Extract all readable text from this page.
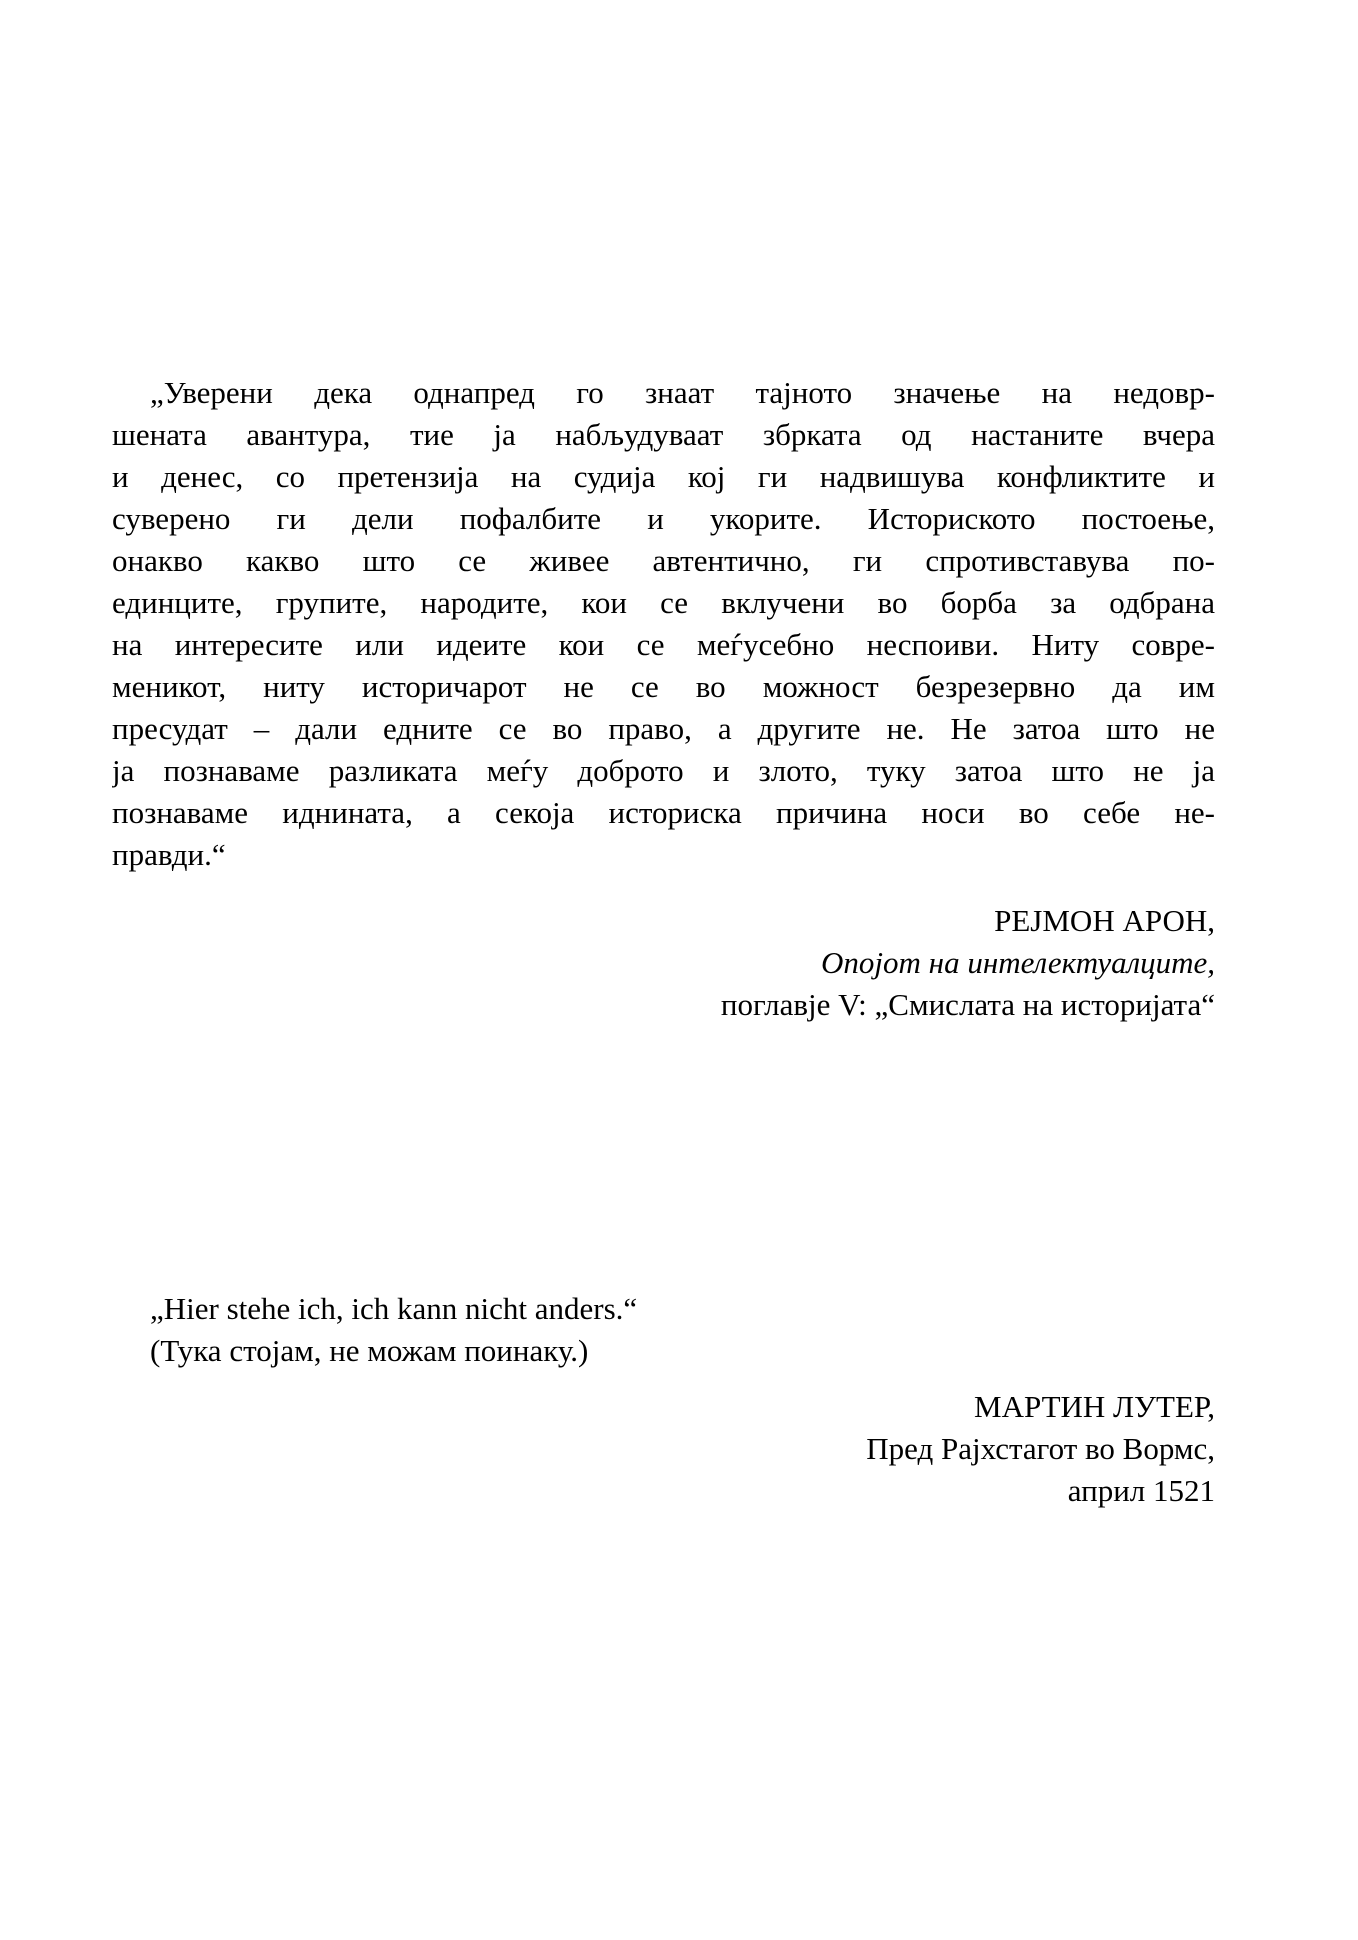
„Уверени дека однапред го знаат тајното значење на недовр-
шената авантура, тие ја набљудуваат збрката од настаните вчера
и денес, со претензија на судија кој ги надвишува конфликтите и
суверено ги дели пофалбите и укорите. Историското постоење,
онакво какво што се живее автентично, ги спротивставува по-
единците, групите, народите, кои се вклучени во борба за одбрана
на интересите или идеите кои се меѓусебно неспоиви. Ниту совре-
меникот, ниту историчарот не се во можност безрезервно да им
пресудат – дали едните се во право, а другите не. Не затоа што не
ја познаваме разликата меѓу доброто и злото, туку затоа што не ја
познаваме иднината, а секоја историска причина носи во себе не-
правди.“
РЕЈМОН АРОН,
Опојот на интелектуалците,
поглавје V: „Смислата на историјата“
„Hier stehe ich, ich kann nicht anders.“
(Тука стојам, не можам поинаку.)
МАРТИН ЛУТЕР,
Пред Рајхстагот во Вормс,
април 1521
